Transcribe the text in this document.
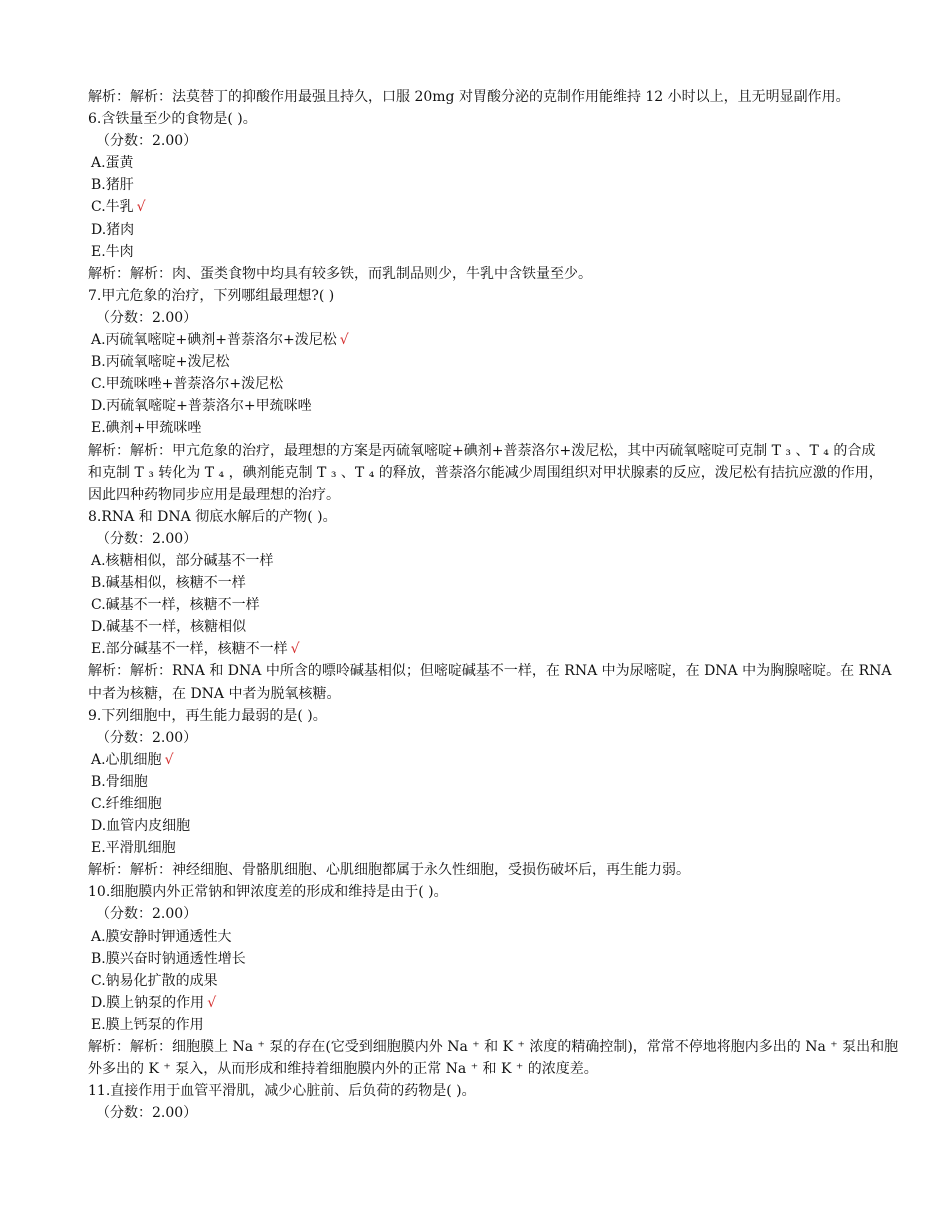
解析：解析：法莫替丁的抑酸作用最强且持久，口服 20mg 对胃酸分泌的克制作用能维持 12 小时以上，且无明显副作用。
6.含铁量至少的食物是( )。
（分数：2.00）
A.蛋黄
B.猪肝
C.牛乳 √
D.猪肉
E.牛肉
解析：解析：肉、蛋类食物中均具有较多铁，而乳制品则少，牛乳中含铁量至少。
7.甲亢危象的治疗，下列哪组最理想?( )
（分数：2.00）
A.丙硫氧嘧啶+碘剂+普萘洛尔+泼尼松 √
B.丙硫氧嘧啶+泼尼松
C.甲巯咪唑+普萘洛尔+泼尼松
D.丙硫氧嘧啶+普萘洛尔+甲巯咪唑
E.碘剂+甲巯咪唑
解析：解析：甲亢危象的治疗，最理想的方案是丙硫氧嘧啶+碘剂+普萘洛尔+泼尼松，其中丙硫氧嘧啶可克制 T ₃ 、T ₄ 的合成
和克制 T ₃ 转化为 T ₄ ，碘剂能克制 T ₃ 、T ₄ 的释放，普萘洛尔能减少周围组织对甲状腺素的反应，泼尼松有拮抗应激的作用，
因此四种药物同步应用是最理想的治疗。
8.RNA 和 DNA 彻底水解后的产物( )。
（分数：2.00）
A.核糖相似，部分碱基不一样
B.碱基相似，核糖不一样
C.碱基不一样，核糖不一样
D.碱基不一样，核糖相似
E.部分碱基不一样，核糖不一样 √
解析：解析：RNA 和 DNA 中所含的嘌呤碱基相似；但嘧啶碱基不一样，在 RNA 中为尿嘧啶，在 DNA 中为胸腺嘧啶。在 RNA
中者为核糖，在 DNA 中者为脱氧核糖。
9.下列细胞中，再生能力最弱的是( )。
（分数：2.00）
A.心肌细胞 √
B.骨细胞
C.纤维细胞
D.血管内皮细胞
E.平滑肌细胞
解析：解析：神经细胞、骨骼肌细胞、心肌细胞都属于永久性细胞，受损伤破坏后，再生能力弱。
10.细胞膜内外正常钠和钾浓度差的形成和维持是由于( )。
（分数：2.00）
A.膜安静时钾通透性大
B.膜兴奋时钠通透性增长
C.钠易化扩散的成果
D.膜上钠泵的作用 √
E.膜上钙泵的作用
解析：解析：细胞膜上 Na ⁺ 泵的存在(它受到细胞膜内外 Na ⁺ 和 K ⁺ 浓度的精确控制)，常常不停地将胞内多出的 Na ⁺ 泵出和胞
外多出的 K ⁺ 泵入，从而形成和维持着细胞膜内外的正常 Na ⁺ 和 K ⁺ 的浓度差。
11.直接作用于血管平滑肌，减少心脏前、后负荷的药物是( )。
（分数：2.00）
